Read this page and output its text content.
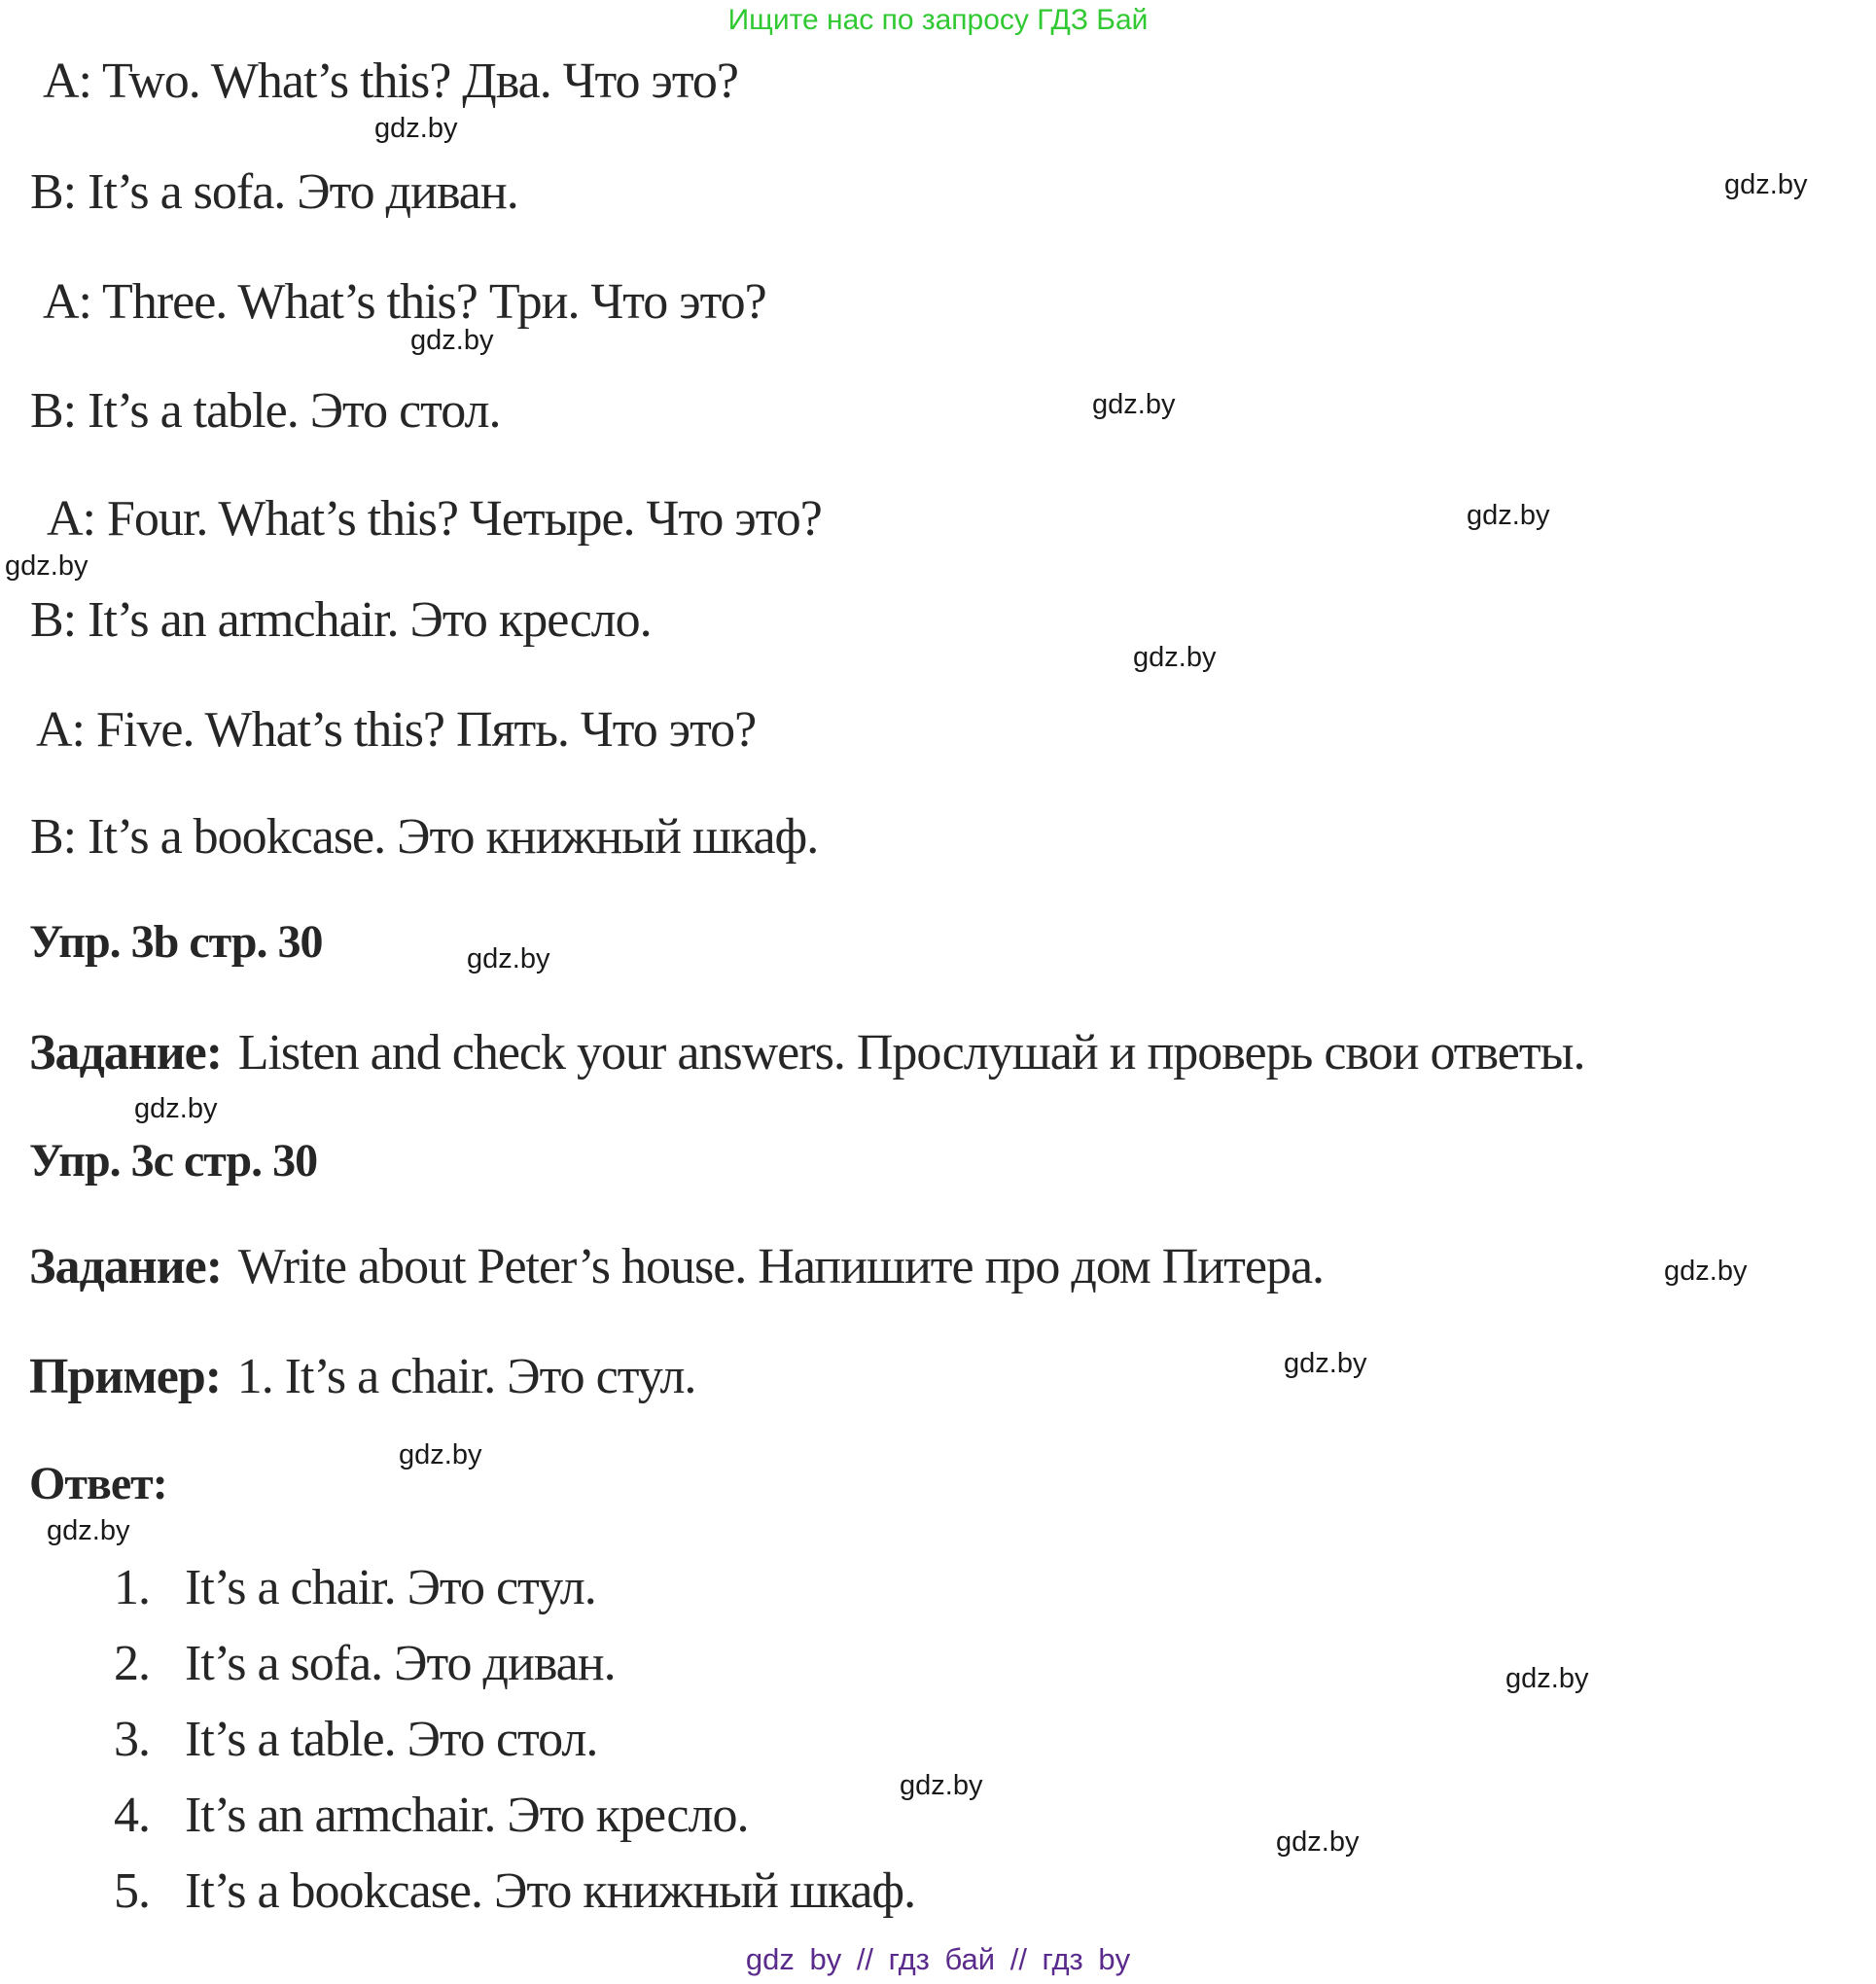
Ищите нас по запросу ГДЗ Бай
A: Two. What’s this? Два. Что это?
B: It’s a sofa. Это диван.
A: Three. What’s this? Три. Что это?
B: It’s a table. Это стол.
A: Four. What’s this? Четыре. Что это?
B: It’s an armchair. Это кресло.
A: Five. What’s this? Пять. Что это?
B: It’s a bookcase. Это книжный шкаф.
Упр. 3b стр. 30
Задание: Listen and check your answers. Прослушай и проверь свои ответы.
Упр. 3c стр. 30
Задание: Write about Peter’s house. Напишите про дом Питера.
Пример: 1. It’s a chair. Это стул.
Ответ:
1. It’s a chair. Это стул.
2. It’s a sofa. Это диван.
3. It’s a table. Это стол.
4. It’s an armchair. Это кресло.
5. It’s a bookcase. Это книжный шкаф.
gdz.by
gdz.by
gdz.by
gdz.by
gdz.by
gdz.by
gdz.by
gdz.by
gdz.by
gdz.by
gdz.by
gdz.by
gdz.by
gdz.by
gdz.by
gdz.by
gdz by // гдз бай // гдз by
